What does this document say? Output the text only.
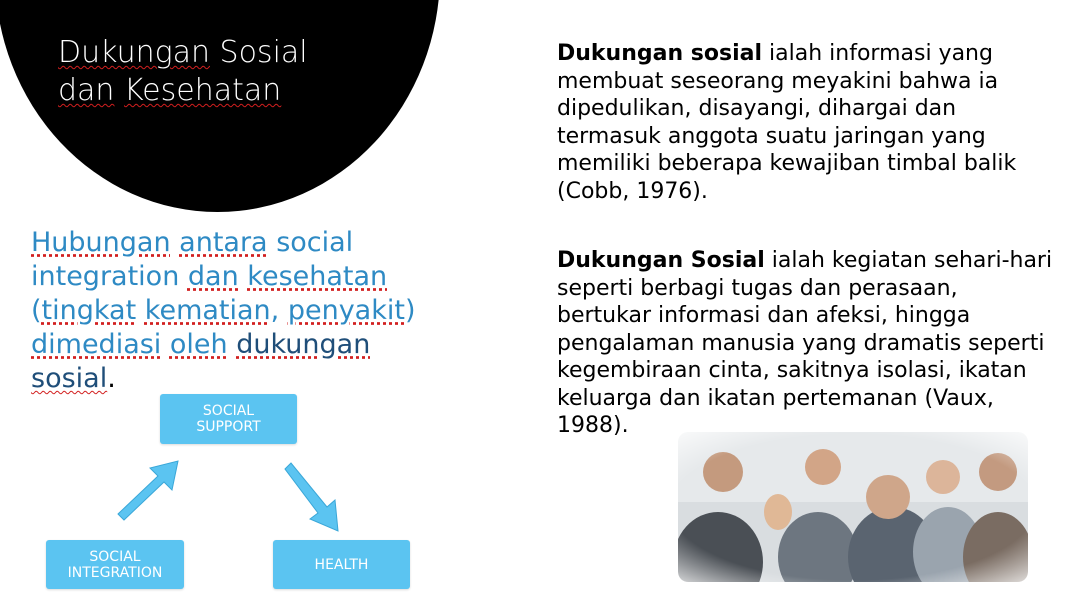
Dukungan Sosial
dan Kesehatan
Hubungan antara social integration dan kesehatan (tingkat kematian, penyakit) dimediasi oleh dukungan sosial.
SOCIAL
SUPPORT
SOCIAL
INTEGRATION	HEALTH
Dukungan sosial ialah informasi yang membuat seseorang meyakini bahwa ia dipedulikan, disayangi, dihargai dan termasuk anggota suatu jaringan yang memiliki beberapa kewajiban timbal balik (Cobb, 1976).
Dukungan Sosial ialah kegiatan sehari-hari seperti berbagi tugas dan perasaan, bertukar informasi dan afeksi, hingga pengalaman manusia yang dramatis seperti kegembiraan cinta, sakitnya isolasi, ikatan keluarga dan ikatan pertemanan (Vaux, 1988).
